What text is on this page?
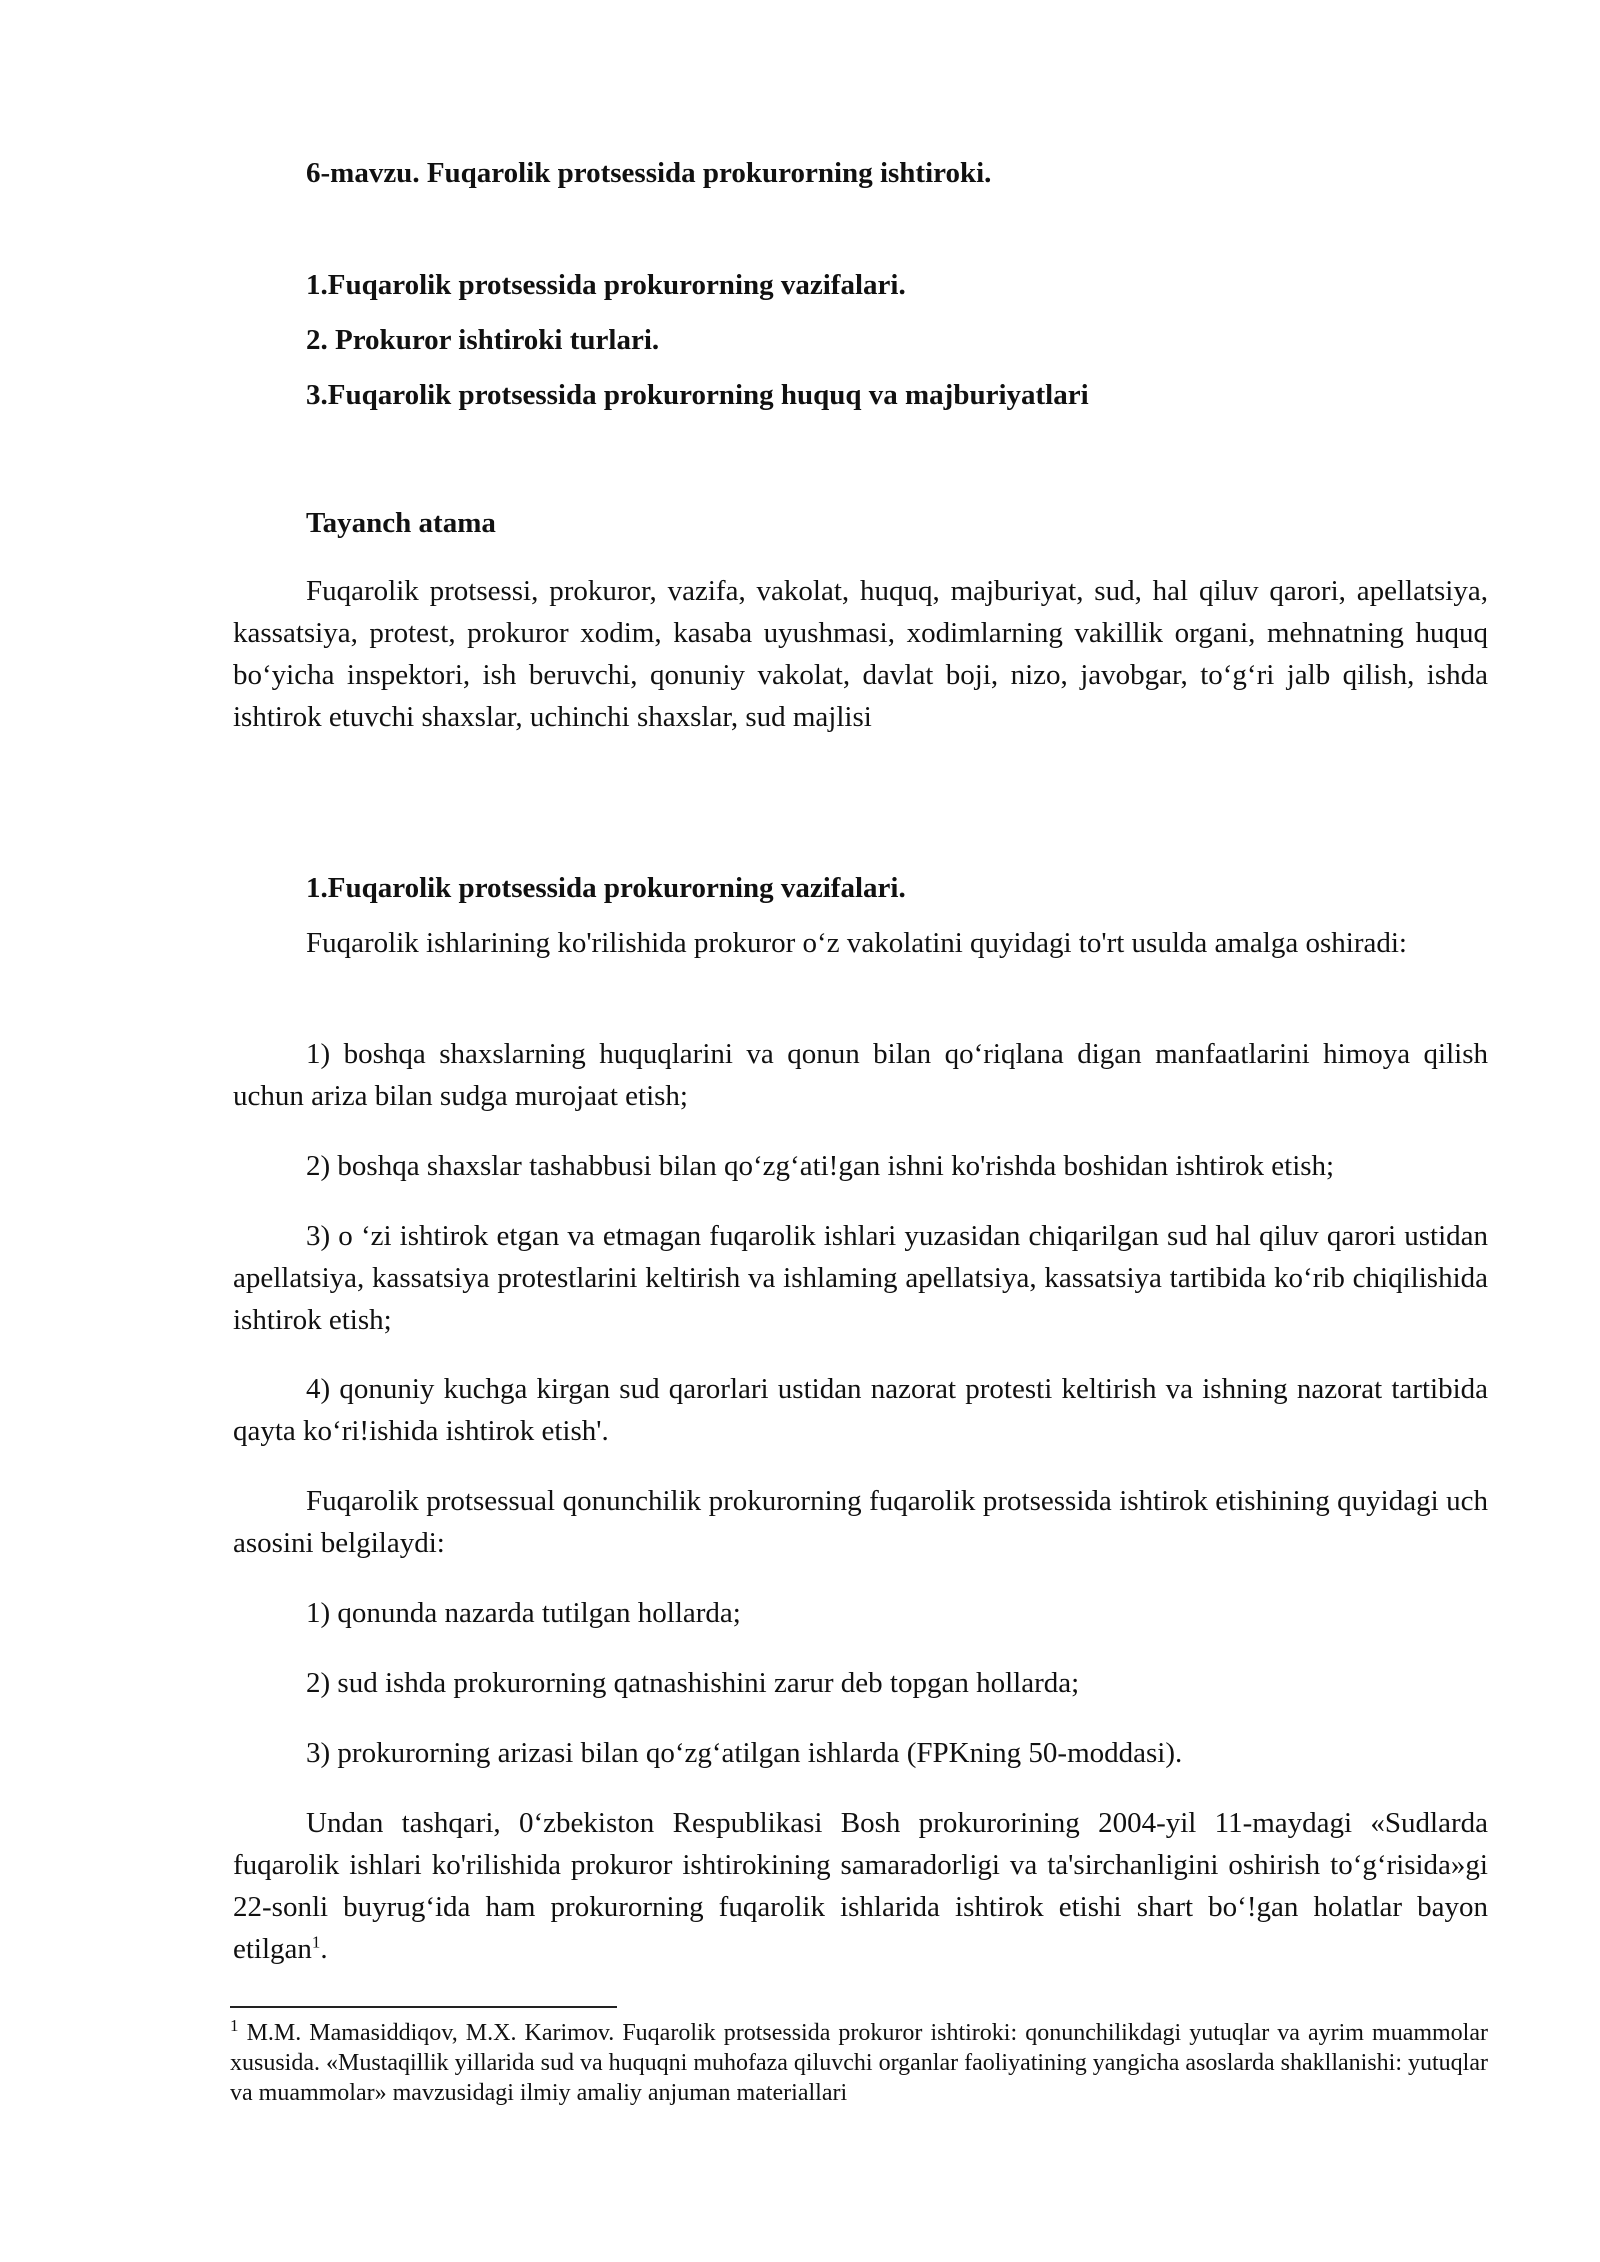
6-mavzu. Fuqarolik protsessida prokurorning ishtiroki.
1.Fuqarolik protsessida prokurorning vazifalari.
2. Prokuror ishtiroki turlari.
3.Fuqarolik protsessida prokurorning huquq va majburiyatlari
Tayanch atama

Fuqarolik protsessi, prokuror, vazifa, vakolat, huquq, majburiyat, sud, hal qiluv qarori, apellatsiya, kassatsiya, protest, prokuror xodim, kasaba uyushmasi, xodimlarning vakillik organi, mehnatning huquq bo‘yicha inspektori, ish beruvchi, qonuniy vakolat, davlat boji, nizo, javobgar, to‘g‘ri jalb qilish, ishda ishtirok etuvchi shaxslar, uchinchi shaxslar, sud majlisi

1.Fuqarolik protsessida prokurorning vazifalari.

Fuqarolik ishlarining ko'rilishida prokuror o‘z vakolatini quyidagi to'rt usulda amalga oshiradi:

1) boshqa shaxslarning huquqlarini va qonun bilan qo‘riqlana digan manfaatlarini himoya qilish uchun ariza bilan sudga murojaat etish;

2) boshqa shaxslar tashabbusi bilan qo‘zg‘ati!gan ishni ko'rishda boshidan ishtirok etish;

3) o ‘zi ishtirok etgan va etmagan fuqarolik ishlari yuzasidan chiqarilgan sud hal qiluv qarori ustidan apellatsiya, kassatsiya protestlarini keltirish va ishlaming apellatsiya, kassatsiya tartibida ko‘rib chiqilishida ishtirok etish;

4) qonuniy kuchga kirgan sud qarorlari ustidan nazorat protesti keltirish va ishning nazorat tartibida qayta ko‘ri!ishida ishtirok etish'.

Fuqarolik protsessual qonunchilik prokurorning fuqarolik protsessida ishtirok etishining quyidagi uch asosini belgilaydi:

1) qonunda nazarda tutilgan hollarda;

2) sud ishda prokurorning qatnashishini zarur deb topgan hollarda;

3) prokurorning arizasi bilan qo‘zg‘atilgan ishlarda (FPKning 50-moddasi).

Undan tashqari, 0‘zbekiston Respublikasi Bosh prokurorining 2004-yil 11-maydagi «Sudlarda fuqarolik ishlari ko'rilishida prokuror ishtirokining samaradorligi va ta'sirchanligini oshirish to‘g‘risida»gi 22-sonli buyrug‘ida ham prokurorning fuqarolik ishlarida ishtirok etishi shart bo‘!gan holatlar bayon etilgan$^1$.

$^1$ M.M. Mamasiddiqov, M.X. Karimov. Fuqarolik protsessida prokuror ishtiroki: qonunchilikdagi yutuqlar va ayrim muammolar xususida. «Mustaqillik yillarida sud va huquqni muhofaza qiluvchi organlar faoliyatining yangicha asoslarda shakllanishi: yutuqlar va muammolar» mavzusidagi ilmiy amaliy anjuman materiallari
